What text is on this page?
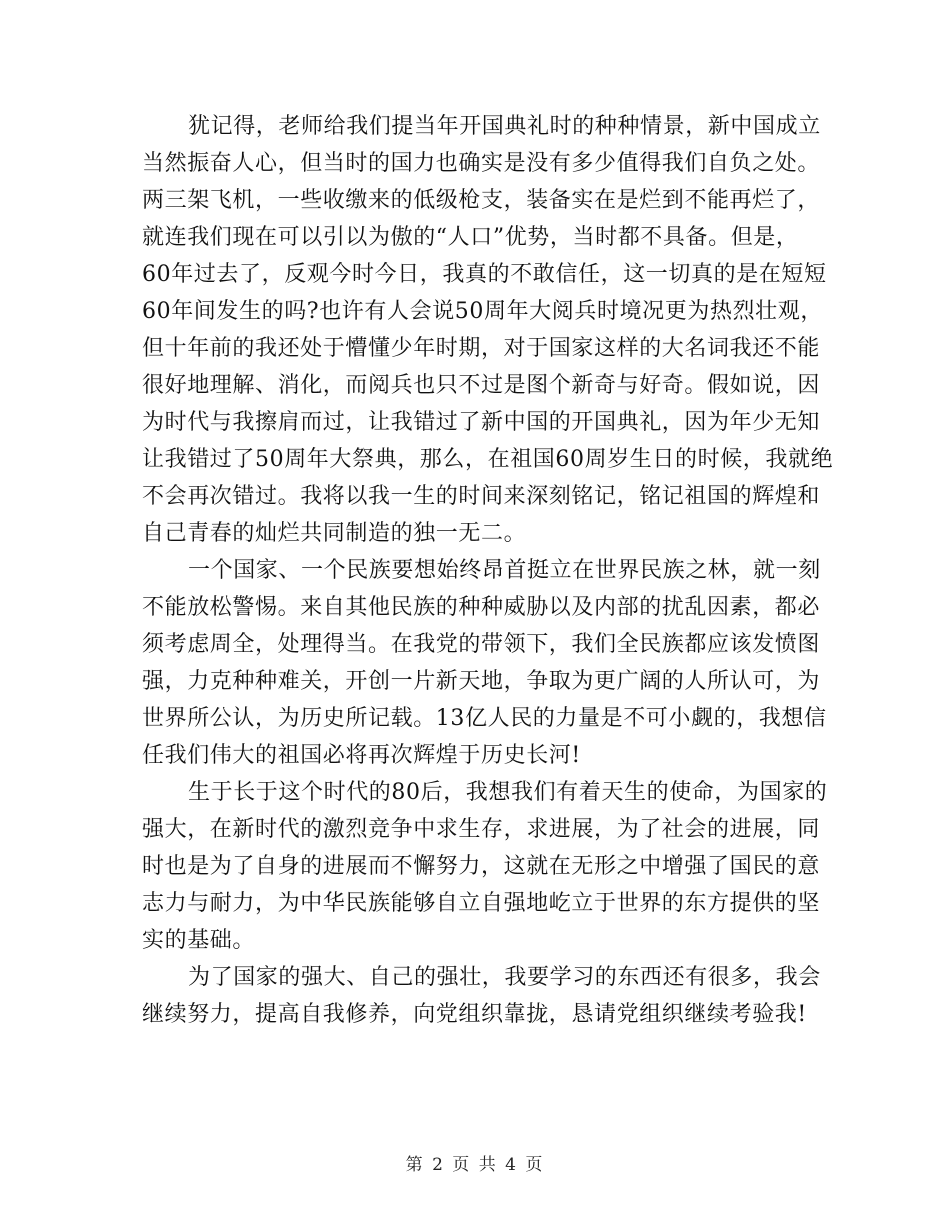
犹记得，老师给我们提当年开国典礼时的种种情景，新中国成立
当然振奋人心，但当时的国力也确实是没有多少值得我们自负之处。
两三架飞机，一些收缴来的低级枪支，装备实在是烂到不能再烂了，
就连我们现在可以引以为傲的“人口”优势，当时都不具备。但是，
60年过去了，反观今时今日，我真的不敢信任，这一切真的是在短短
60年间发生的吗?也许有人会说50周年大阅兵时境况更为热烈壮观，
但十年前的我还处于懵懂少年时期，对于国家这样的大名词我还不能
很好地理解、消化，而阅兵也只不过是图个新奇与好奇。假如说，因
为时代与我擦肩而过，让我错过了新中国的开国典礼，因为年少无知
让我错过了50周年大祭典，那么，在祖国60周岁生日的时候，我就绝
不会再次错过。我将以我一生的时间来深刻铭记，铭记祖国的辉煌和
自己青春的灿烂共同制造的独一无二。
一个国家、一个民族要想始终昂首挺立在世界民族之林，就一刻
不能放松警惕。来自其他民族的种种威胁以及内部的扰乱因素，都必
须考虑周全，处理得当。在我党的带领下，我们全民族都应该发愤图
强，力克种种难关，开创一片新天地，争取为更广阔的人所认可，为
世界所公认，为历史所记载。13亿人民的力量是不可小觑的，我想信
任我们伟大的祖国必将再次辉煌于历史长河!
生于长于这个时代的80后，我想我们有着天生的使命，为国家的
强大，在新时代的激烈竞争中求生存，求进展，为了社会的进展，同
时也是为了自身的进展而不懈努力，这就在无形之中增强了国民的意
志力与耐力，为中华民族能够自立自强地屹立于世界的东方提供的坚
实的基础。
为了国家的强大、自己的强壮，我要学习的东西还有很多，我会
继续努力，提高自我修养，向党组织靠拢，恳请党组织继续考验我!
第 2 页 共 4 页
